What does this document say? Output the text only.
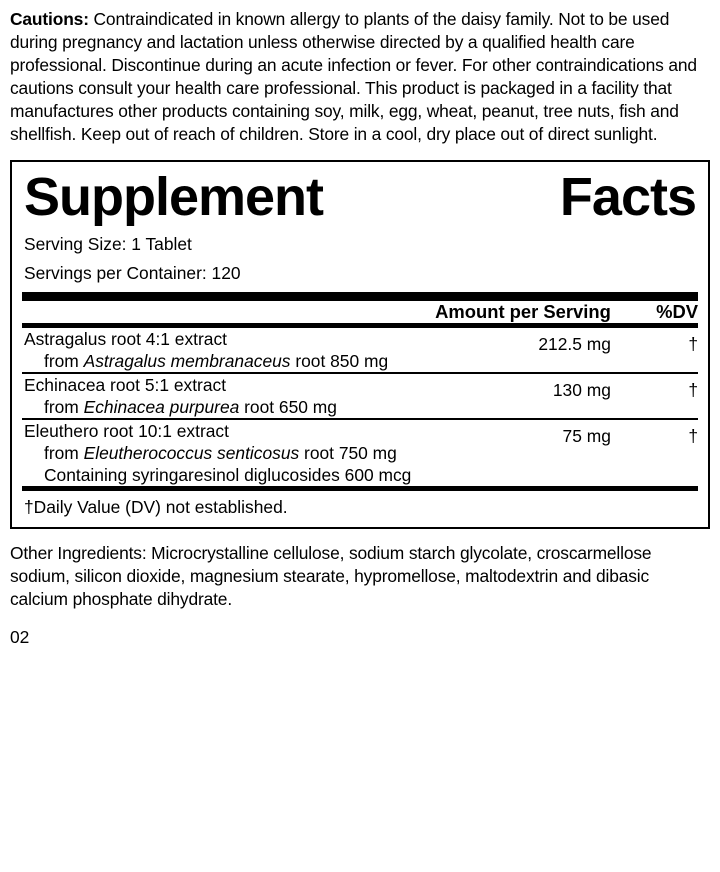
Cautions: Contraindicated in known allergy to plants of the daisy family. Not to be used during pregnancy and lactation unless otherwise directed by a qualified health care professional. Discontinue during an acute infection or fever. For other contraindications and cautions consult your health care professional. This product is packaged in a facility that manufactures other products containing soy, milk, egg, wheat, peanut, tree nuts, fish and shellfish. Keep out of reach of children. Store in a cool, dry place out of direct sunlight.

Supplement	Facts
Serving Size: 1 Tablet
Servings per Container: 120
	Amount per Serving	%DV
Astragalus root 4:1 extract
from Astragalus membranaceus root 850 mg
	212.5 mg	†
Echinacea root 5:1 extract
from Echinacea purpurea root 650 mg
	130 mg	†
Eleuthero root 10:1 extract
from Eleutherococcus senticosus root 750 mg
Containing syringaresinol diglucosides 600 mcg
	75 mg	†
†Daily Value (DV) not established.

Other Ingredients: Microcrystalline cellulose, sodium starch glycolate, croscarmellose sodium, silicon dioxide, magnesium stearate, hypromellose, maltodextrin and dibasic calcium phosphate dihydrate.

02
